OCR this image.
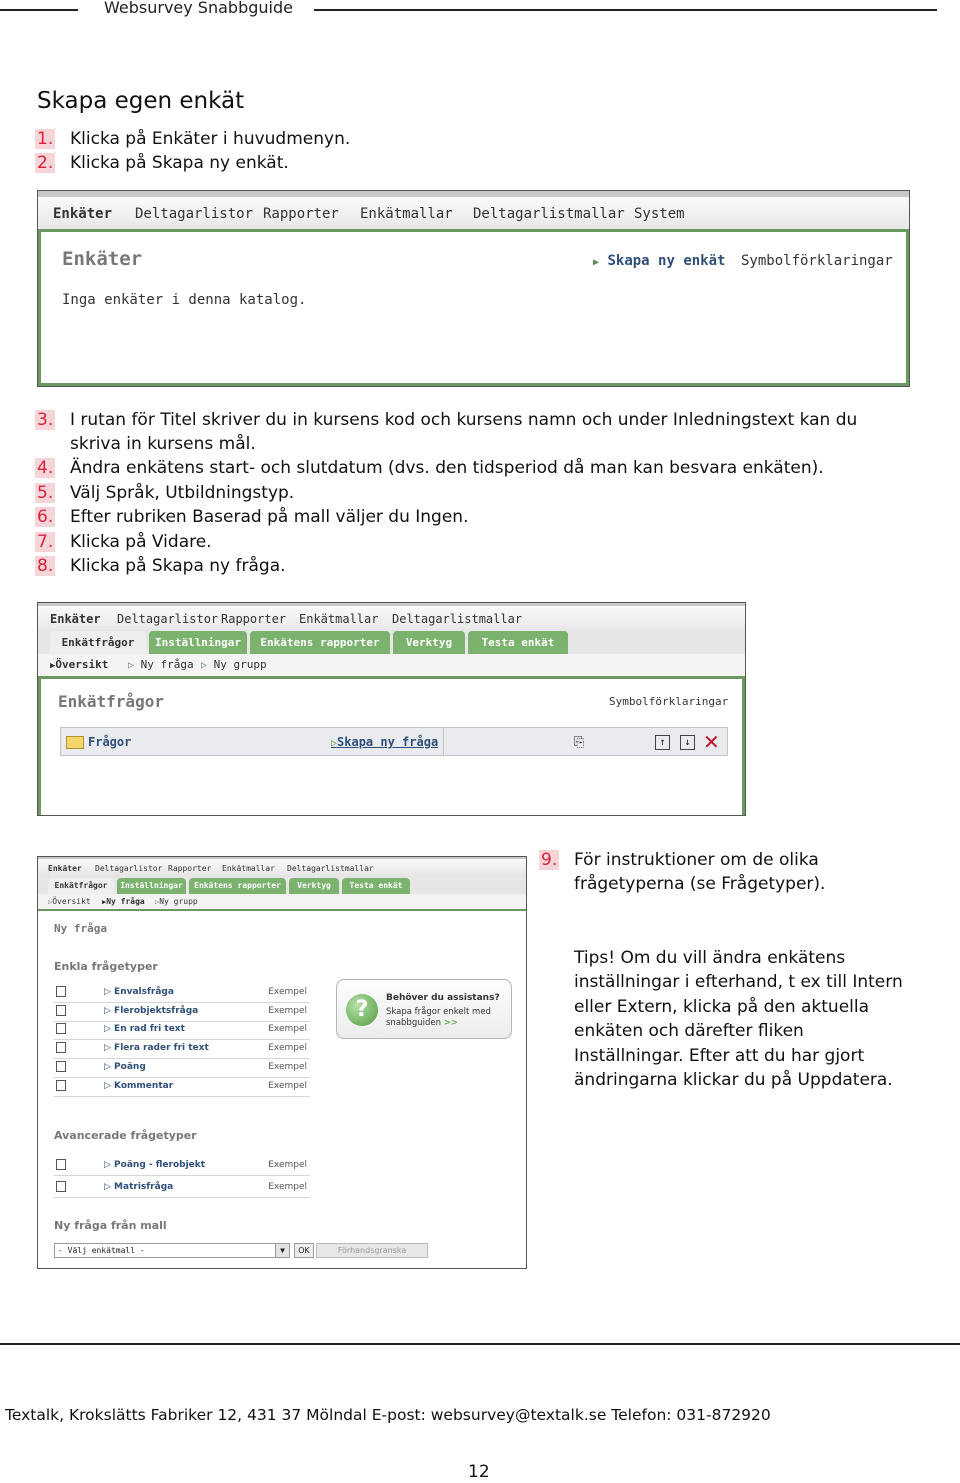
Websurvey Snabbguide
Skapa egen enkät
1. Klicka på Enkäter i huvudmenyn.
2. Klicka på Skapa ny enkät.
Enkäter Deltagarlistor Rapporter Enkätmallar Deltagarlistmallar System
Enkäter	▶ Skapa ny enkät Symbolförklaringar
Inga enkäter i denna katalog.
3. I rutan för Titel skriver du in kursens kod och kursens namn och under Inledningstext kan du skriva in kursens mål.
4. Ändra enkätens start- och slutdatum (dvs. den tidsperiod då man kan besvara enkäten).
5. Välj Språk, Utbildningstyp.
6. Efter rubriken Baserad på mall väljer du Ingen.
7. Klicka på Vidare.
8. Klicka på Skapa ny fråga.
Enkäter Deltagarlistor Rapporter Enkätmallar Deltagarlistmallar
Enkätfrågor	Inställningar	Enkätens rapporter	Verktyg	Testa enkät
▶Översikt ▷ Ny fråga ▷ Ny grupp
Enkätfrågor	Symbolförklaringar
Frågor	▷Skapa ny fråga	⎘	↑	↓ ✕
Enkäter Deltagarlistor Rapporter Enkätmallar Deltagarlistmallar
Enkätfrågor	Inställningar	Enkätens rapporter	Verktyg	Testa enkät
▷Översikt ▶Ny fråga ▷Ny grupp
Ny fråga
Enkla frågetyper
▷ Envalsfråga	Exempel
▷ Flerobjektsfråga	Exempel
▷ En rad fri text	Exempel
▷ Flera rader fri text	Exempel
▷ Poäng	Exempel
▷ Kommentar	Exempel
Avancerade frågetyper
▷ Poäng - flerobjekt	Exempel
▷ Matrisfråga	Exempel
Ny fråga från mall
- Välj enkätmall -	▼	OK	Förhandsgranska
?	Behöver du assistans?
Skapa frågor enkelt med snabbguiden >>
9. För instruktioner om de olika frågetyperna (se Frågetyper).
Tips! Om du vill ändra enkätens inställningar i efterhand, t ex till Intern eller Extern, klicka på den aktuella enkäten och därefter fliken Inställningar. Efter att du har gjort ändringarna klickar du på Uppdatera.
Textalk, Krokslätts Fabriker 12, 431 37 Mölndal E-post: websurvey@textalk.se Telefon: 031-872920
12
